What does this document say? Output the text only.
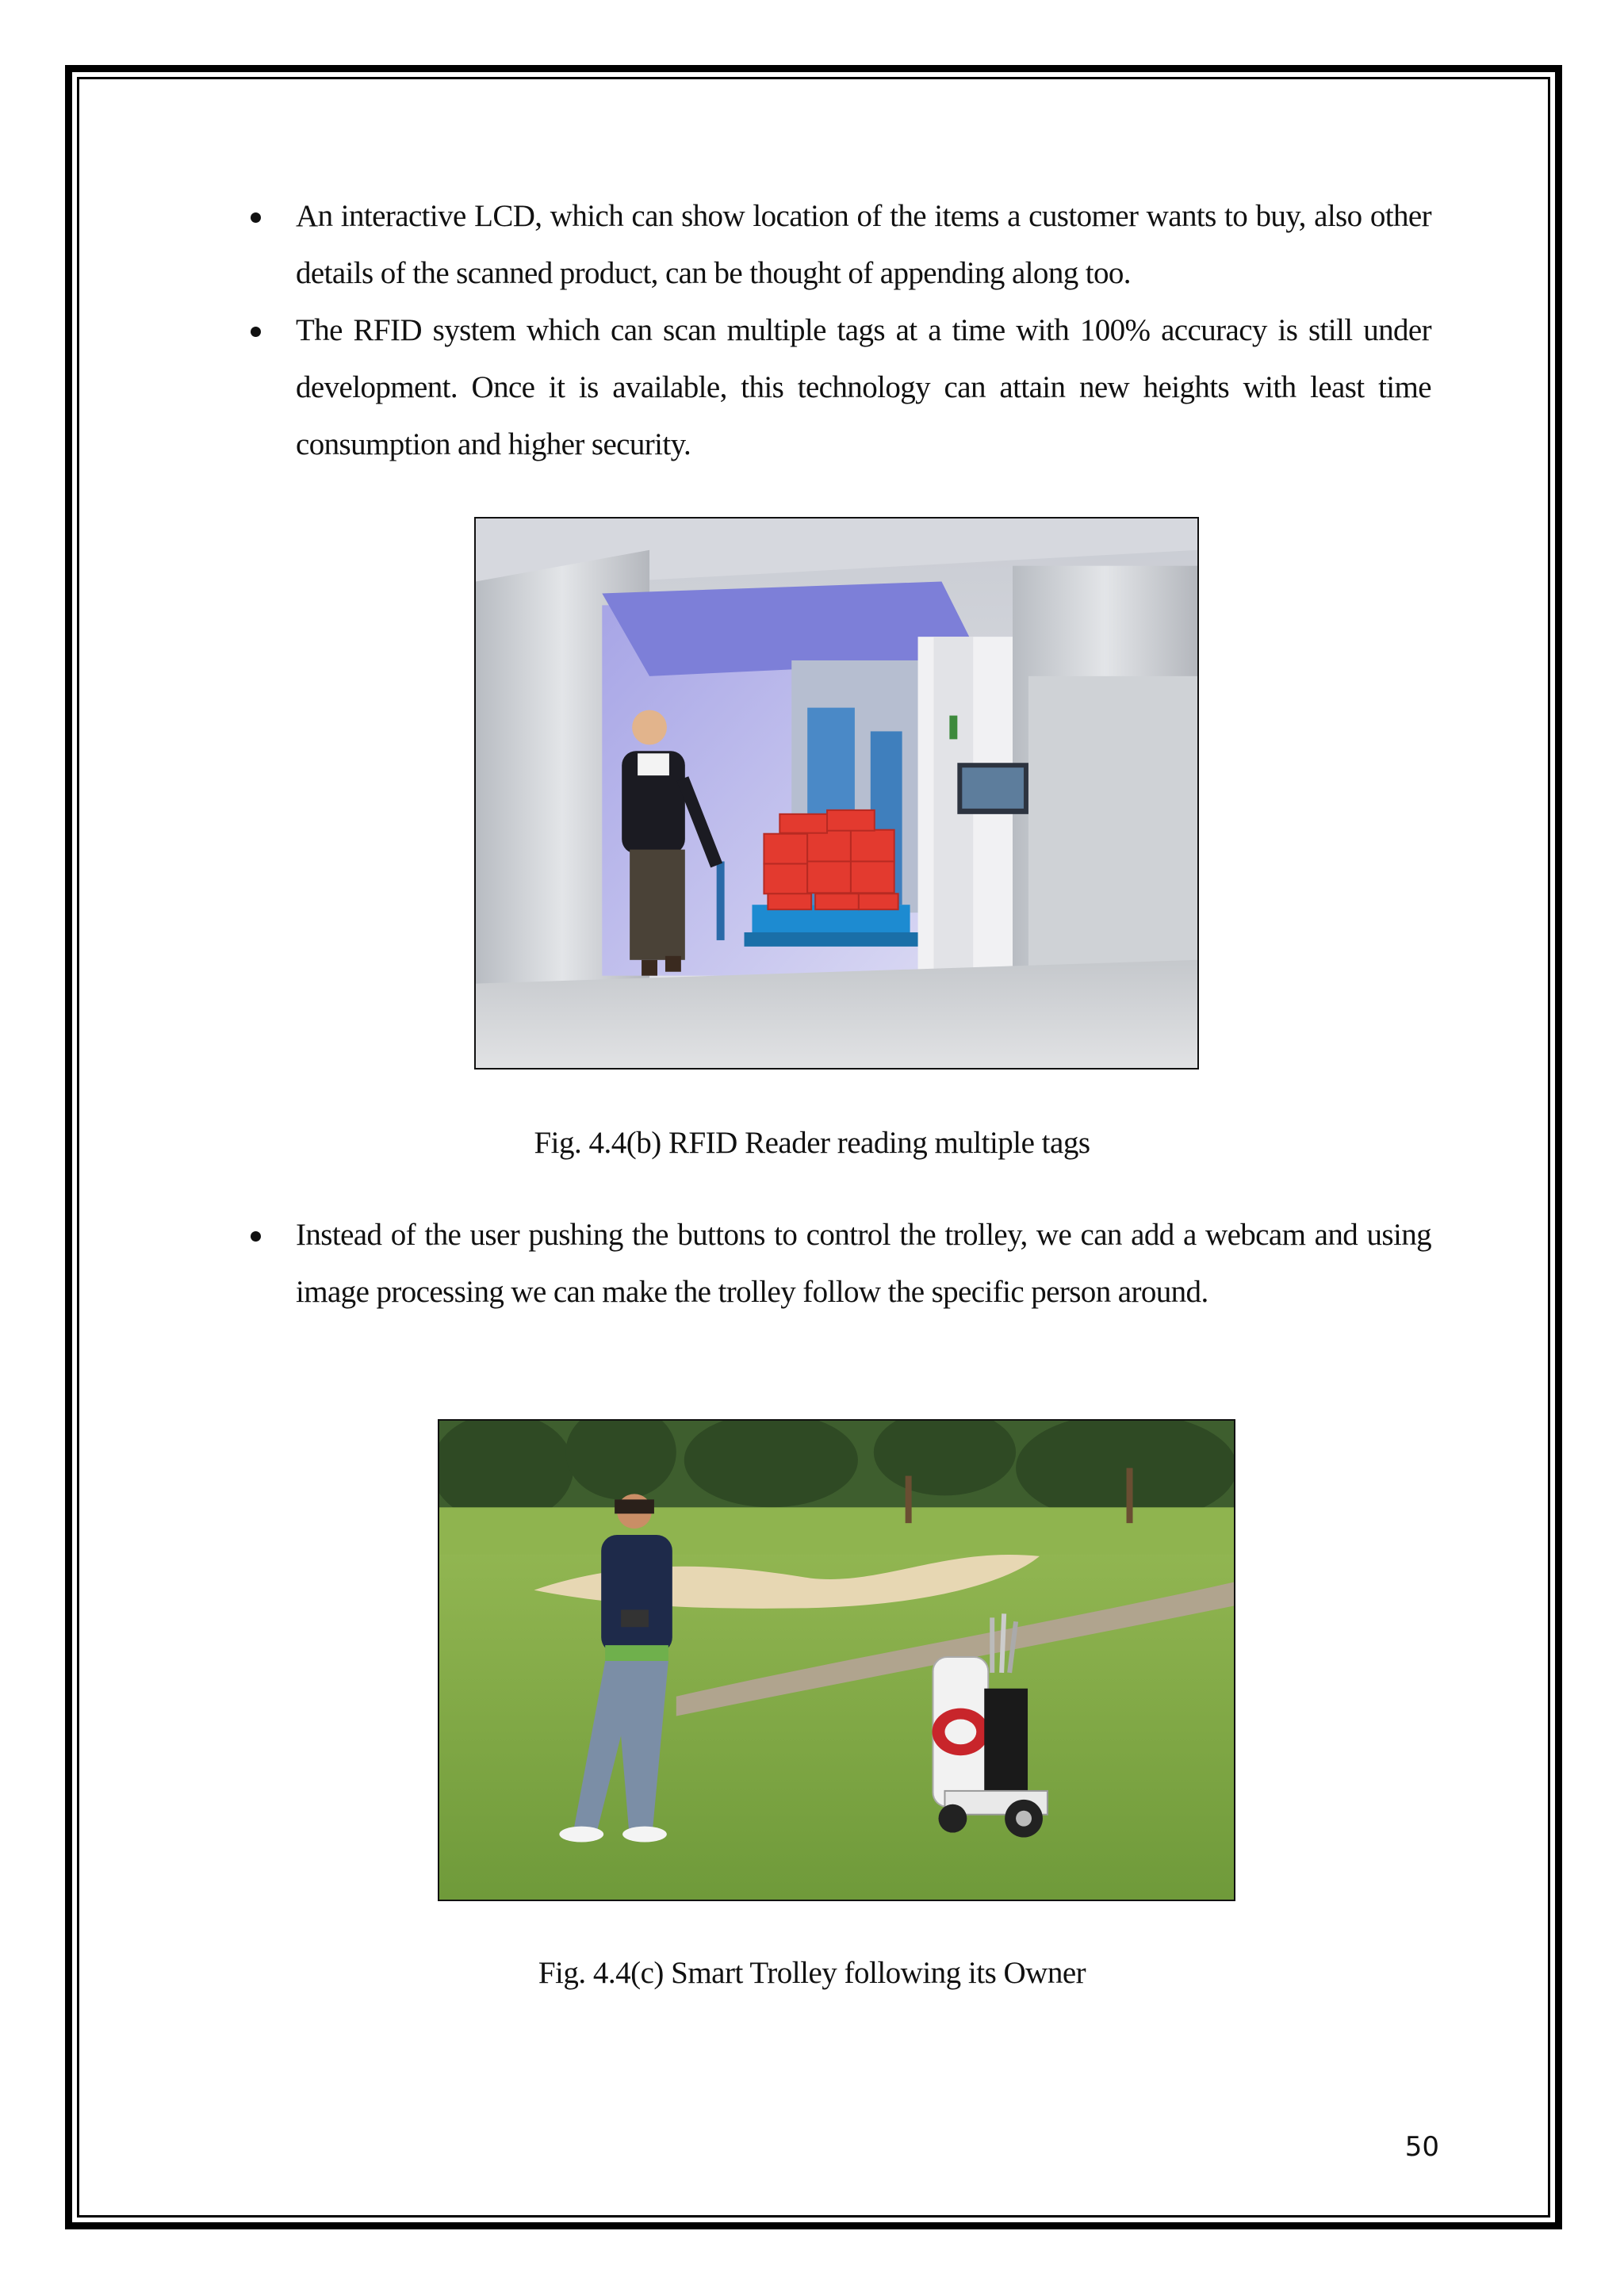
An interactive LCD, which can show location of the items a customer wants to buy, also other details of the scanned product, can be thought of appending along too.
The RFID system which can scan multiple tags at a time with 100% accuracy is still under development. Once it is available, this technology can attain new heights with least time consumption and higher security.
Fig. 4.4(b) RFID Reader reading multiple tags
Instead of the user pushing the buttons to control the trolley, we can add a webcam and using image processing we can make the trolley follow the specific person around.
Fig. 4.4(c) Smart Trolley following its Owner
50
